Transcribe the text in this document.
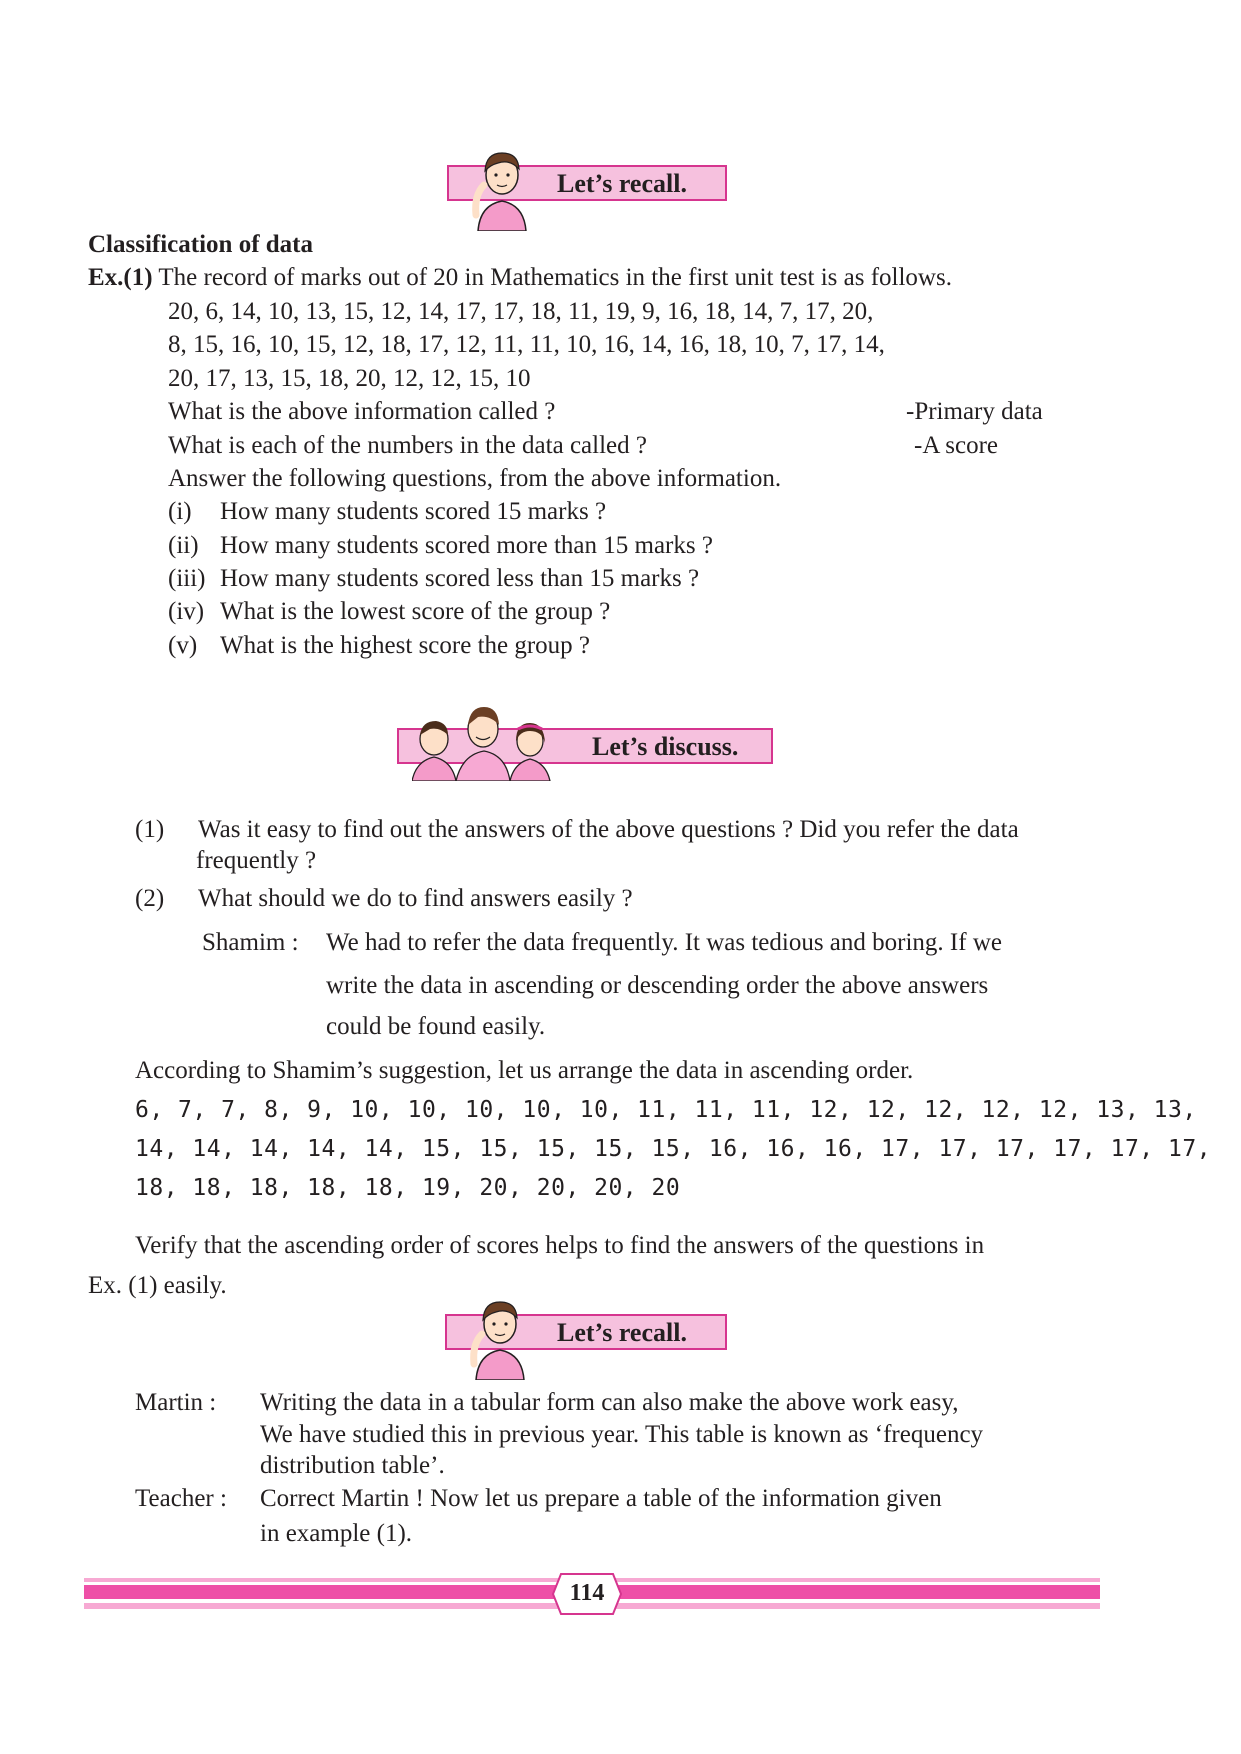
Let’s recall.
Classification of data
Ex.(1) The record of marks out of 20 in Mathematics in the first unit test is as follows.
20, 6, 14, 10, 13, 15, 12, 14, 17, 17, 18, 11, 19, 9, 16, 18, 14, 7, 17, 20,
8, 15, 16, 10, 15, 12, 18, 17, 12, 11, 11, 10, 16, 14, 16, 18, 10, 7, 17, 14,
20, 17, 13, 15, 18, 20, 12, 12, 15, 10
What is the above information called ?	-Primary data
What is each of the numbers in the data called ?	-A score
Answer the following questions, from the above information.
(i) How many students scored 15 marks ?
(ii) How many students scored more than 15 marks ?
(iii) How many students scored less than 15 marks ?
(iv) What is the lowest score of the group ?
(v) What is the highest score the group ?
Let’s discuss.
(1) Was it easy to find out the answers of the above questions ? Did you refer the data
frequently ?
(2) What should we do to find answers easily ?
Shamim : We had to refer the data frequently. It was tedious and boring. If we
write the data in ascending or descending order the above answers
could be found easily.
According to Shamim’s suggestion, let us arrange the data in ascending order.
6, 7, 7, 8, 9, 10, 10, 10, 10, 10, 11, 11, 11, 12, 12, 12, 12, 12, 13, 13,
14, 14, 14, 14, 14, 15, 15, 15, 15, 15, 16, 16, 16, 17, 17, 17, 17, 17, 17,
18, 18, 18, 18, 18, 19, 20, 20, 20, 20
Verify that the ascending order of scores helps to find the answers of the questions in
Ex. (1) easily.
Let’s recall.
Martin : Writing the data in a tabular form can also make the above work easy,
We have studied this in previous year. This table is known as ‘frequency
distribution table’.
Teacher : Correct Martin ! Now let us prepare a table of the information given
in example (1).
114
